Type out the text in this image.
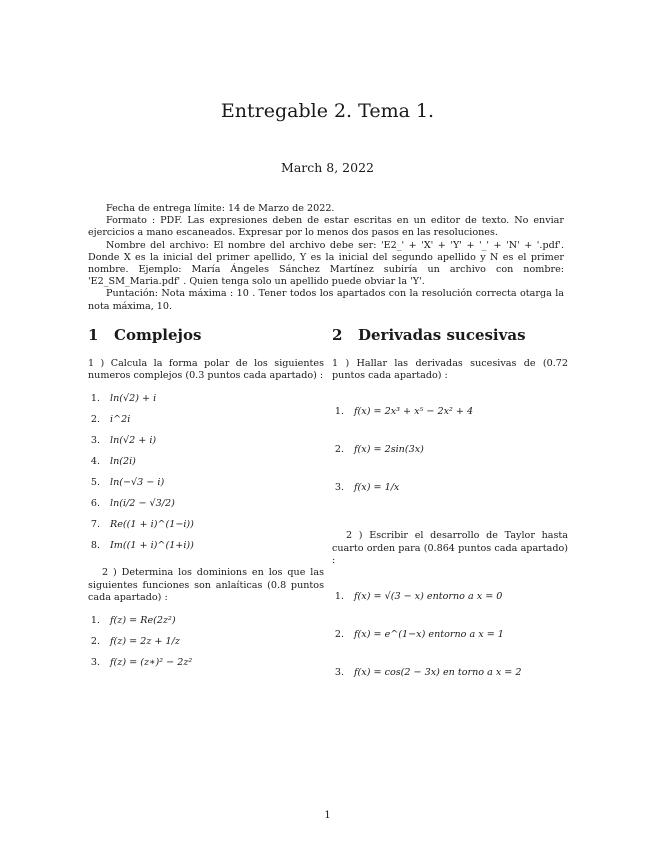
Entregable 2. Tema 1.
March 8, 2022

Fecha de entrega límite: 14 de Marzo de 2022.

Formato : PDF. Las expresiones deben de estar escritas en un editor de texto. No enviar ejercicios a mano escaneados. Expresar por lo menos dos pasos en las resoluciones.

Nombre del archivo: El nombre del archivo debe ser: 'E2_' + 'X' + 'Y' + '_' + 'N' + '.pdf'. Donde X es la inicial del primer apellido, Y es la inicial del segundo apellido y N es el primer nombre. Ejemplo: María Ángeles Sánchez Martínez subiría un archivo con nombre: 'E2_SM_Maria.pdf' . Quien tenga solo un apellido puede obviar la 'Y'.

Puntación: Nota máxima : 10 . Tener todos los apartados con la resolución correcta otarga la nota máxima, 10.

1 Complejos

1 ) Calcula la forma polar de los siguientes numeros complejos (0.3 puntos cada apartado) :

1. ln(√2) + i
2. i^2i
3. ln(√2 + i)
4. ln(2i)
5. ln(−√3 − i)
6. ln(i/2 − √3/2)
7. Re((1 + i)^(1−i))
8. Im((1 + i)^(1+i))

2 ) Determina los dominions en los que las siguientes funciones son anlaíticas (0.8 puntos cada apartado) :

1. f(z) = Re(2z²)
2. f(z) = 2z + 1/z
3. f(z) = (z∗)² − 2z²
2 Derivadas sucesivas

1 ) Hallar las derivadas sucesivas de (0.72 puntos cada apartado) :

1. f(x) = 2x³ + x⁵ − 2x² + 4
2. f(x) = 2sin(3x)
3. f(x) = 1/x

2 ) Escribir el desarrollo de Taylor hasta cuarto orden para (0.864 puntos cada apartado) :

1. f(x) = √(3 − x) entorno a x = 0
2. f(x) = e^(1−x) entorno a x = 1
3. f(x) = cos(2 − 3x) en torno a x = 2
1
